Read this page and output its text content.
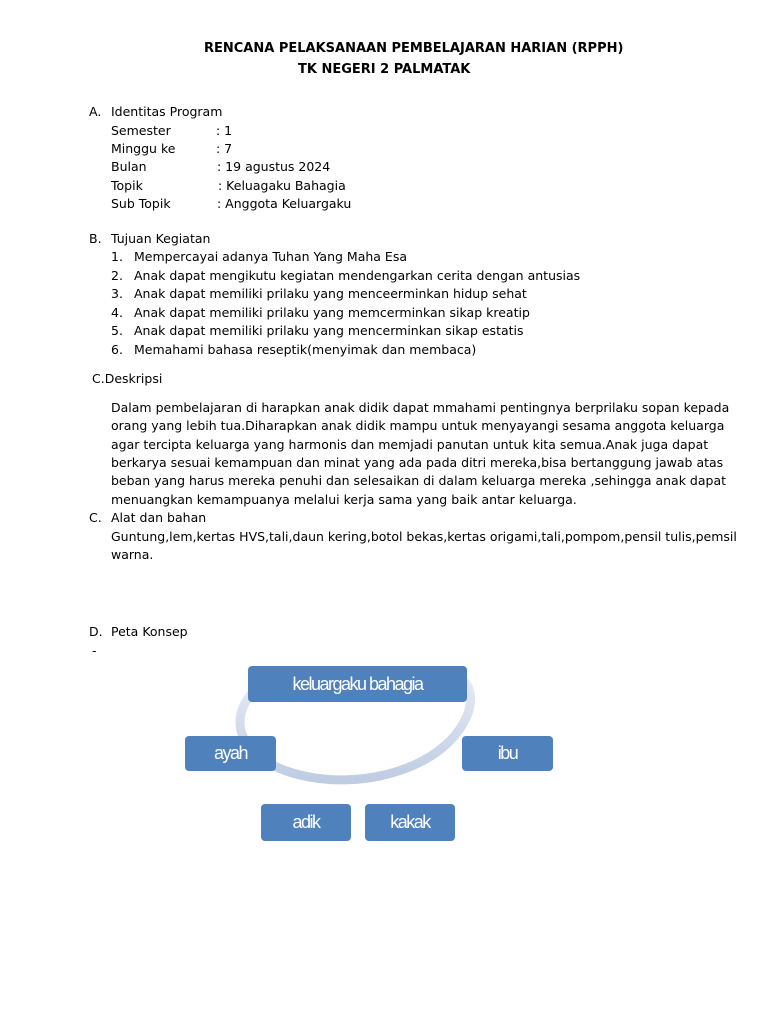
RENCANA PELAKSANAAN PEMBELAJARAN HARIAN (RPPH)
TK NEGERI 2 PALMATAK
A. Identitas Program
Semester	: 1
Minggu ke	: 7
Bulan	: 19 agustus 2024
Topik	: Keluagaku Bahagia
Sub Topik	: Anggota Keluargaku
B. Tujuan Kegiatan
1. Mempercayai adanya Tuhan Yang Maha Esa
2. Anak dapat mengikutu kegiatan mendengarkan cerita dengan antusias
3. Anak dapat memiliki prilaku yang menceerminkan hidup sehat
4. Anak dapat memiliki prilaku yang memcerminkan sikap kreatip
5. Anak dapat memiliki prilaku yang mencerminkan sikap estatis
6. Memahami bahasa reseptik(menyimak dan membaca)
C.Deskripsi
Dalam pembelajaran di harapkan anak didik dapat mmahami pentingnya berprilaku sopan kepada
orang yang lebih tua.Diharapkan anak didik mampu untuk menyayangi sesama anggota keluarga
agar tercipta keluarga yang harmonis dan memjadi panutan untuk kita semua.Anak juga dapat
berkarya sesuai kemampuan dan minat yang ada pada ditri mereka,bisa bertanggung jawab atas
beban yang harus mereka penuhi dan selesaikan di dalam keluarga mereka ,sehingga anak dapat
menuangkan kemampuanya melalui kerja sama yang baik antar keluarga.
C. Alat dan bahan
Guntung,lem,kertas HVS,tali,daun kering,botol bekas,kertas origami,tali,pompom,pensil tulis,pemsil
warna.
D. Peta Konsep
-
keluargaku bahagia
ayah	ibu
adik	kakak
